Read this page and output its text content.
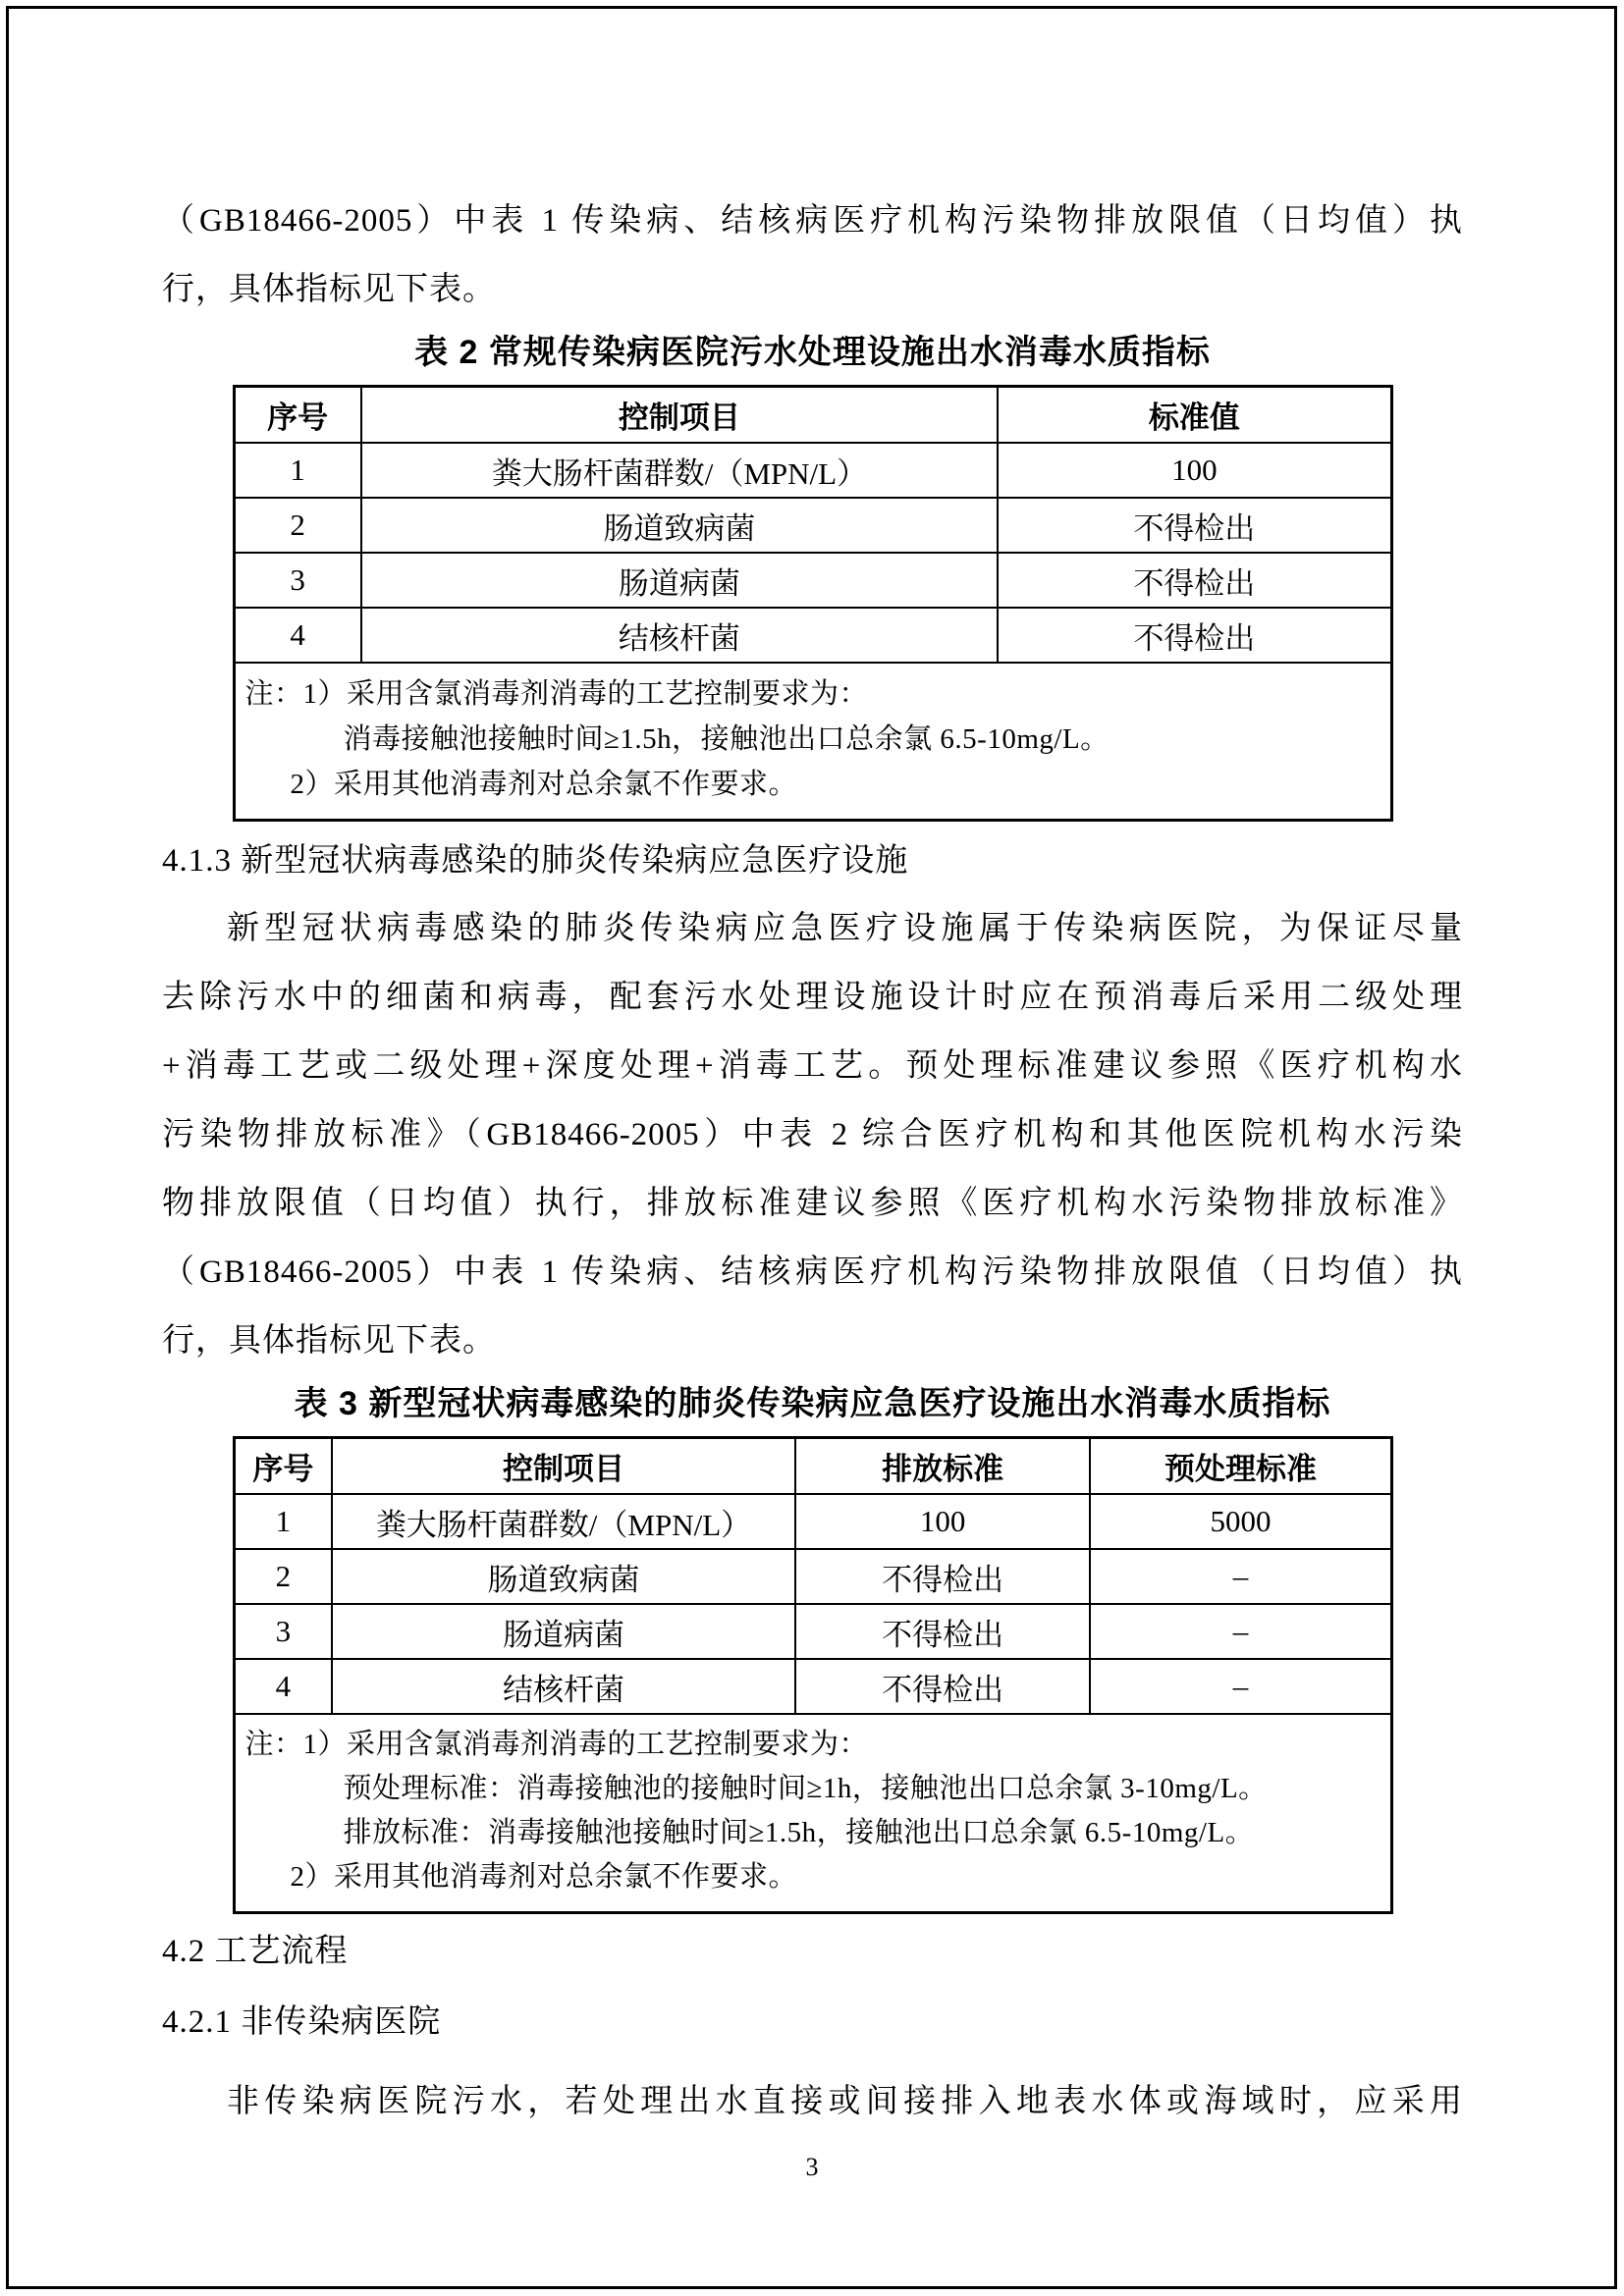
（GB18466-2005）中表 1 传染病、结核病医疗机构污染物排放限值（日均值）执

行，具体指标见下表。

表 2 常规传染病医院污水处理设施出水消毒水质指标
序号	控制项目	标准值
1	粪大肠杆菌群数/（MPN/L）	100
2	肠道致病菌	不得检出
3	肠道病菌	不得检出
4	结核杆菌	不得检出

注：1）采用含氯消毒剂消毒的工艺控制要求为：
消毒接触池接触时间≥1.5h，接触池出口总余氯 6.5-10mg/L。
2）采用其他消毒剂对总余氯不作要求。		
4.1.3 新型冠状病毒感染的肺炎传染病应急医疗设施

新型冠状病毒感染的肺炎传染病应急医疗设施属于传染病医院，为保证尽量

去除污水中的细菌和病毒，配套污水处理设施设计时应在预消毒后采用二级处理

+消毒工艺或二级处理+深度处理+消毒工艺。预处理标准建议参照《医疗机构水

污染物排放标准》（GB18466-2005）中表 2 综合医疗机构和其他医院机构水污染

物排放限值（日均值）执行，排放标准建议参照《医疗机构水污染物排放标准》

（GB18466-2005）中表 1 传染病、结核病医疗机构污染物排放限值（日均值）执

行，具体指标见下表。

表 3 新型冠状病毒感染的肺炎传染病应急医疗设施出水消毒水质指标
序号	控制项目	排放标准	预处理标准
1	粪大肠杆菌群数/（MPN/L）	100	5000
2	肠道致病菌	不得检出	–
3	肠道病菌	不得检出	–
4	结核杆菌	不得检出	–

注：1）采用含氯消毒剂消毒的工艺控制要求为：
预处理标准：消毒接触池的接触时间≥1h，接触池出口总余氯 3-10mg/L。
排放标准：消毒接触池接触时间≥1.5h，接触池出口总余氯 6.5-10mg/L。
2）采用其他消毒剂对总余氯不作要求。			
4.2 工艺流程
4.2.1 非传染病医院

非传染病医院污水，若处理出水直接或间接排入地表水体或海域时，应采用

3
